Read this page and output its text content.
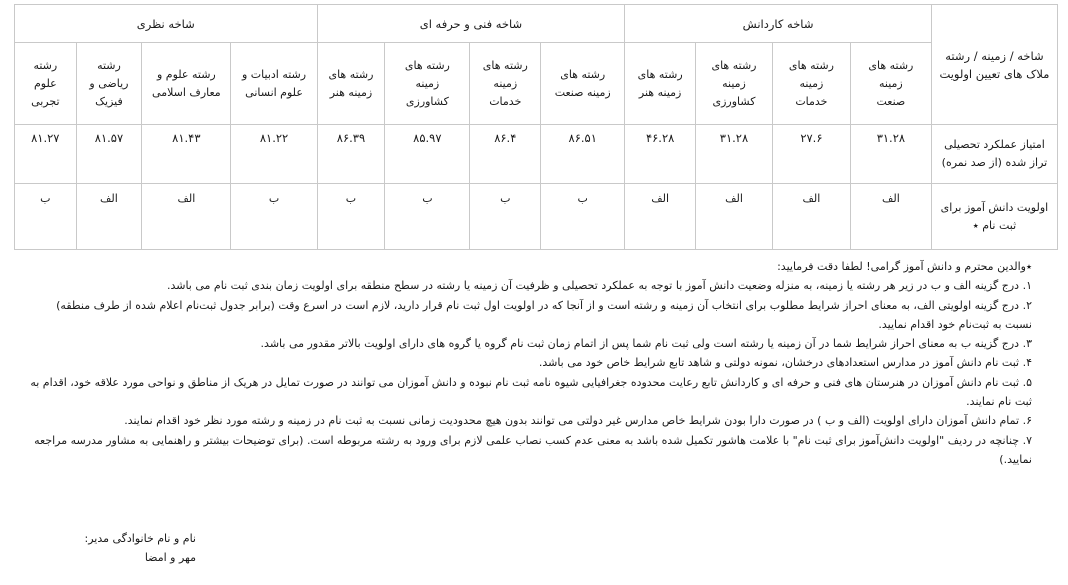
شاخه / زمینه / رشته
ملاک های تعیین اولویت	شاخه کاردانش				شاخه فنی و حرفه ای				شاخه نظری			
	رشته های
زمینه
صنعت	رشته های
زمینه
خدمات	رشته های
زمینه
کشاورزی	رشته های
زمینه هنر	رشته های
زمینه صنعت	رشته های
زمینه
خدمات	رشته های
زمینه
کشاورزی	رشته های
زمینه هنر	رشته ادبیات و
علوم انسانی	رشته علوم و
معارف اسلامی	رشته
ریاضی و
فیزیک	رشته
علوم
تجربی
امتیاز عملکرد تحصیلی
تراز شده (از صد نمره)	۳۱.۲۸	۲۷.۶	۳۱.۲۸	۴۶.۲۸	۸۶.۵۱	۸۶.۴	۸۵.۹۷	۸۶.۳۹	۸۱.۲۲	۸۱.۴۳	۸۱.۵۷	۸۱.۲۷
اولویت دانش آموز برای
ثبت نام ٭	الف	الف	الف	الف	ب	ب	ب	ب	ب	الف	الف	ب

٭والدین محترم و دانش آموز گرامی! لطفا دقت فرمایید:

۱. درج گزینه الف و ب در زیر هر رشته یا زمینه، به منزله وضعیت دانش آموز با توجه به عملکرد تحصیلی و ظرفیت آن زمینه یا رشته در سطح منطقه برای اولویت زمان بندی ثبت نام می باشد.

۲. درج گزینه اولویتی الف، به معنای احراز شرایط مطلوب برای انتخاب آن زمینه و رشته است و از آنجا که در اولویت اول ثبت نام قرار دارید، لازم است در اسرع وقت (برابر جدول ثبت‌نام اعلام شده از طرف منطقه) نسبت به ثبت‌نام خود اقدام نمایید.

۳. درج گزینه ب به معنای احراز شرایط شما در آن زمینه یا رشته است ولی ثبت نام شما پس از اتمام زمان ثبت نام گروه یا گروه های دارای اولویت بالاتر مقدور می باشد.

۴. ثبت نام دانش آموز در مدارس استعدادهای درخشان، نمونه دولتی و شاهد تابع شرایط خاص خود می باشد.

۵. ثبت نام دانش آموزان در هنرستان های فنی و حرفه ای و کاردانش تابع رعایت محدوده جغرافیایی شیوه نامه ثبت نام نبوده و دانش آموزان می توانند در صورت تمایل در هریک از مناطق و نواحی مورد علاقه خود، اقدام به ثبت نام نمایند.

۶. تمام دانش آموزان دارای اولویت (الف و ب ) در صورت دارا بودن شرایط خاص مدارس غیر دولتی می توانند بدون هیچ محدودیت زمانی نسبت به ثبت نام در زمینه و رشته مورد نظر خود اقدام نمایند.

۷. چنانچه در ردیف "اولویت دانش‌آموز برای ثبت نام" با علامت هاشور تکمیل شده باشد به معنی عدم کسب نصاب علمی لازم برای ورود به رشته مربوطه است. (برای توضیحات بیشتر و راهنمایی به مشاور مدرسه مراجعه نمایید.)

نام و نام خانوادگی مدیر:
مهر و امضا
